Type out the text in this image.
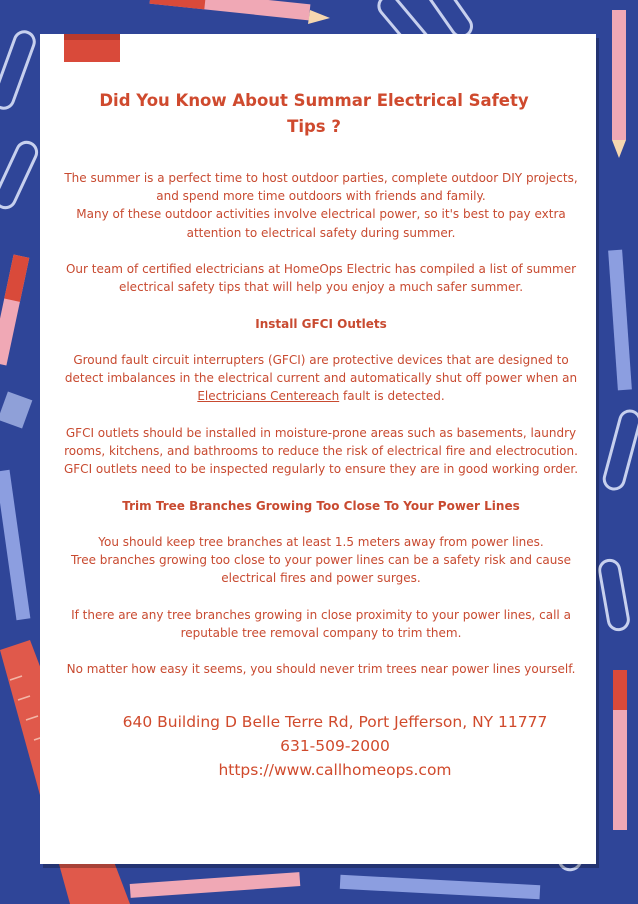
Did You Know About Summar Electrical Safety
Tips ?

The summer is a perfect time to host outdoor parties, complete outdoor DIY projects, and spend more time outdoors with friends and family.

Many of these outdoor activities involve electrical power, so it's best to pay extra attention to electrical safety during summer.

Our team of certified electricians at HomeOps Electric has compiled a list of summer electrical safety tips that will help you enjoy a much safer summer.

Install GFCI Outlets

Ground fault circuit interrupters (GFCI) are protective devices that are designed to detect imbalances in the electrical current and automatically shut off power when an Electricians Centereach fault is detected.

GFCI outlets should be installed in moisture-prone areas such as basements, laundry rooms, kitchens, and bathrooms to reduce the risk of electrical fire and electrocution. GFCI outlets need to be inspected regularly to ensure they are in good working order.

Trim Tree Branches Growing Too Close To Your Power Lines

You should keep tree branches at least 1.5 meters away from power lines.

Tree branches growing too close to your power lines can be a safety risk and cause electrical fires and power surges.

If there are any tree branches growing in close proximity to your power lines, call a reputable tree removal company to trim them.

No matter how easy it seems, you should never trim trees near power lines yourself.

640 Building D Belle Terre Rd, Port Jefferson, NY 11777
631-509-2000
https://www.callhomeops.com
